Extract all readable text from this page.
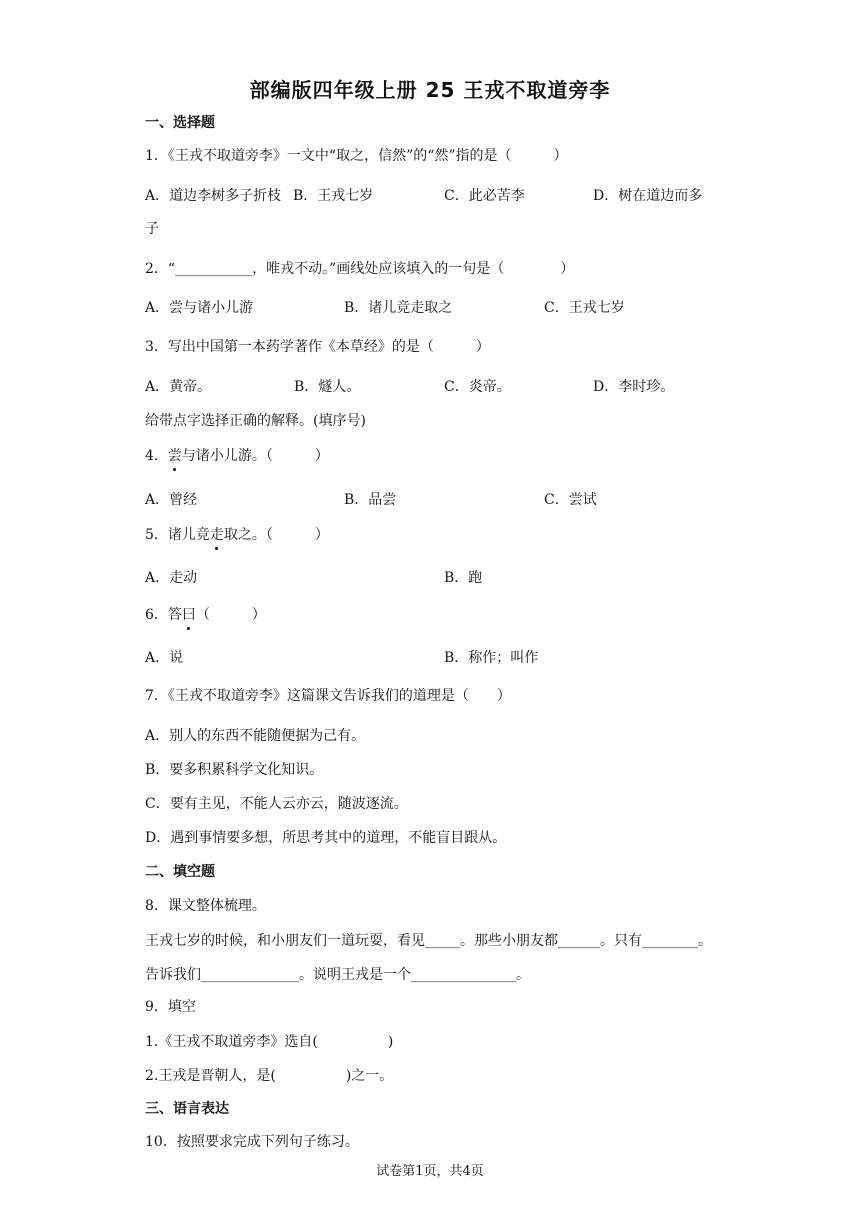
部编版四年级上册 25 王戎不取道旁李
一、选择题
1．《王戎不取道旁李》一文中“取之，信然”的“然”指的是（　　　）
A．道边李树多子折枝 B．王戎七岁	C．此必苦李	D．树在道边而多
子
2．“___________，唯戎不动。”画线处应该填入的一句是（　　　　）
A．尝与诸小儿游	B．诸儿竞走取之	C．王戎七岁
3．写出中国第一本药学著作《本草经》的是（　　　）
A．黄帝。	B．燧人。	C．炎帝。	D．李时珍。
给带点字选择正确的解释。(填序号)
4．尝与诸小儿游。（　　　）
A．曾经	B．品尝	C．尝试
5．诸儿竞走取之。（　　　）
A．走动	B．跑
6．答曰（　　　）
A．说	B．称作；叫作
7．《王戎不取道旁李》这篇课文告诉我们的道理是（　　）
A．别人的东西不能随便据为己有。
B．要多积累科学文化知识。
C．要有主见，不能人云亦云，随波逐流。
D．遇到事情要多想，所思考其中的道理，不能盲目跟从。
二、填空题
8．课文整体梳理。
王戎七岁的时候，和小朋友们一道玩耍，看见_____。那些小朋友都______。只有________。
告诉我们______________。说明王戎是一个_______________。
9．填空
1.《王戎不取道旁李》选自(　　　　　)
2.王戎是晋朝人，是(　　　　　)之一。
三、语言表达
10．按照要求完成下列句子练习。
试卷第1页，共4页
